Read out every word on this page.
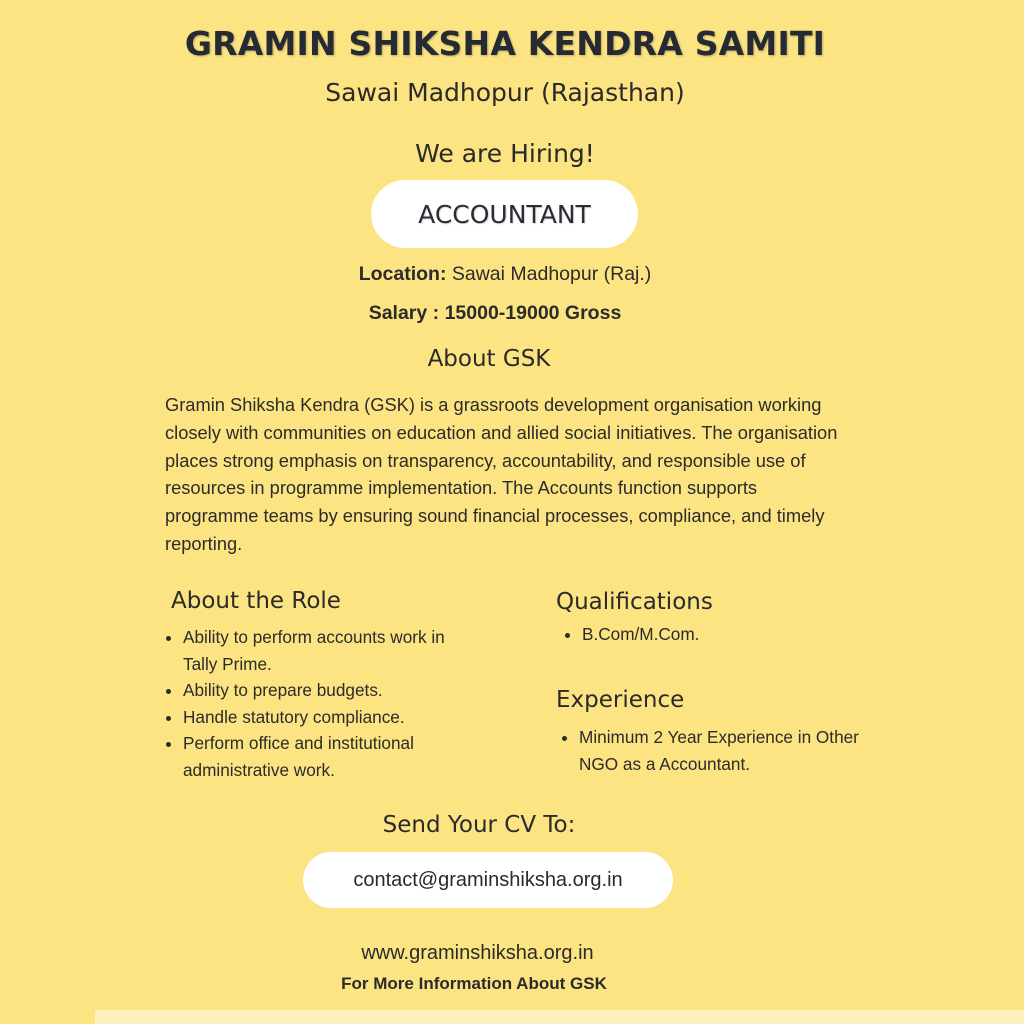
GRAMIN SHIKSHA KENDRA SAMITI
Sawai Madhopur (Rajasthan)
We are Hiring!
ACCOUNTANT
Location: Sawai Madhopur (Raj.)
Salary : 15000-19000 Gross
About GSK
Gramin Shiksha Kendra (GSK) is a grassroots development organisation working closely with communities on education and allied social initiatives. The organisation places strong emphasis on transparency, accountability, and responsible use of resources in programme implementation. The Accounts function supports programme teams by ensuring sound financial processes, compliance, and timely reporting.
About the Role
• Ability to perform accounts work in Tally Prime.
• Ability to prepare budgets.
• Handle statutory compliance.
• Perform office and institutional administrative work.
Qualifications
• B.Com/M.Com.
Experience
• Minimum 2 Year Experience in Other NGO as a Accountant.
Send Your CV To:
contact@graminshiksha.org.in
www.graminshiksha.org.in
For More Information About GSK
